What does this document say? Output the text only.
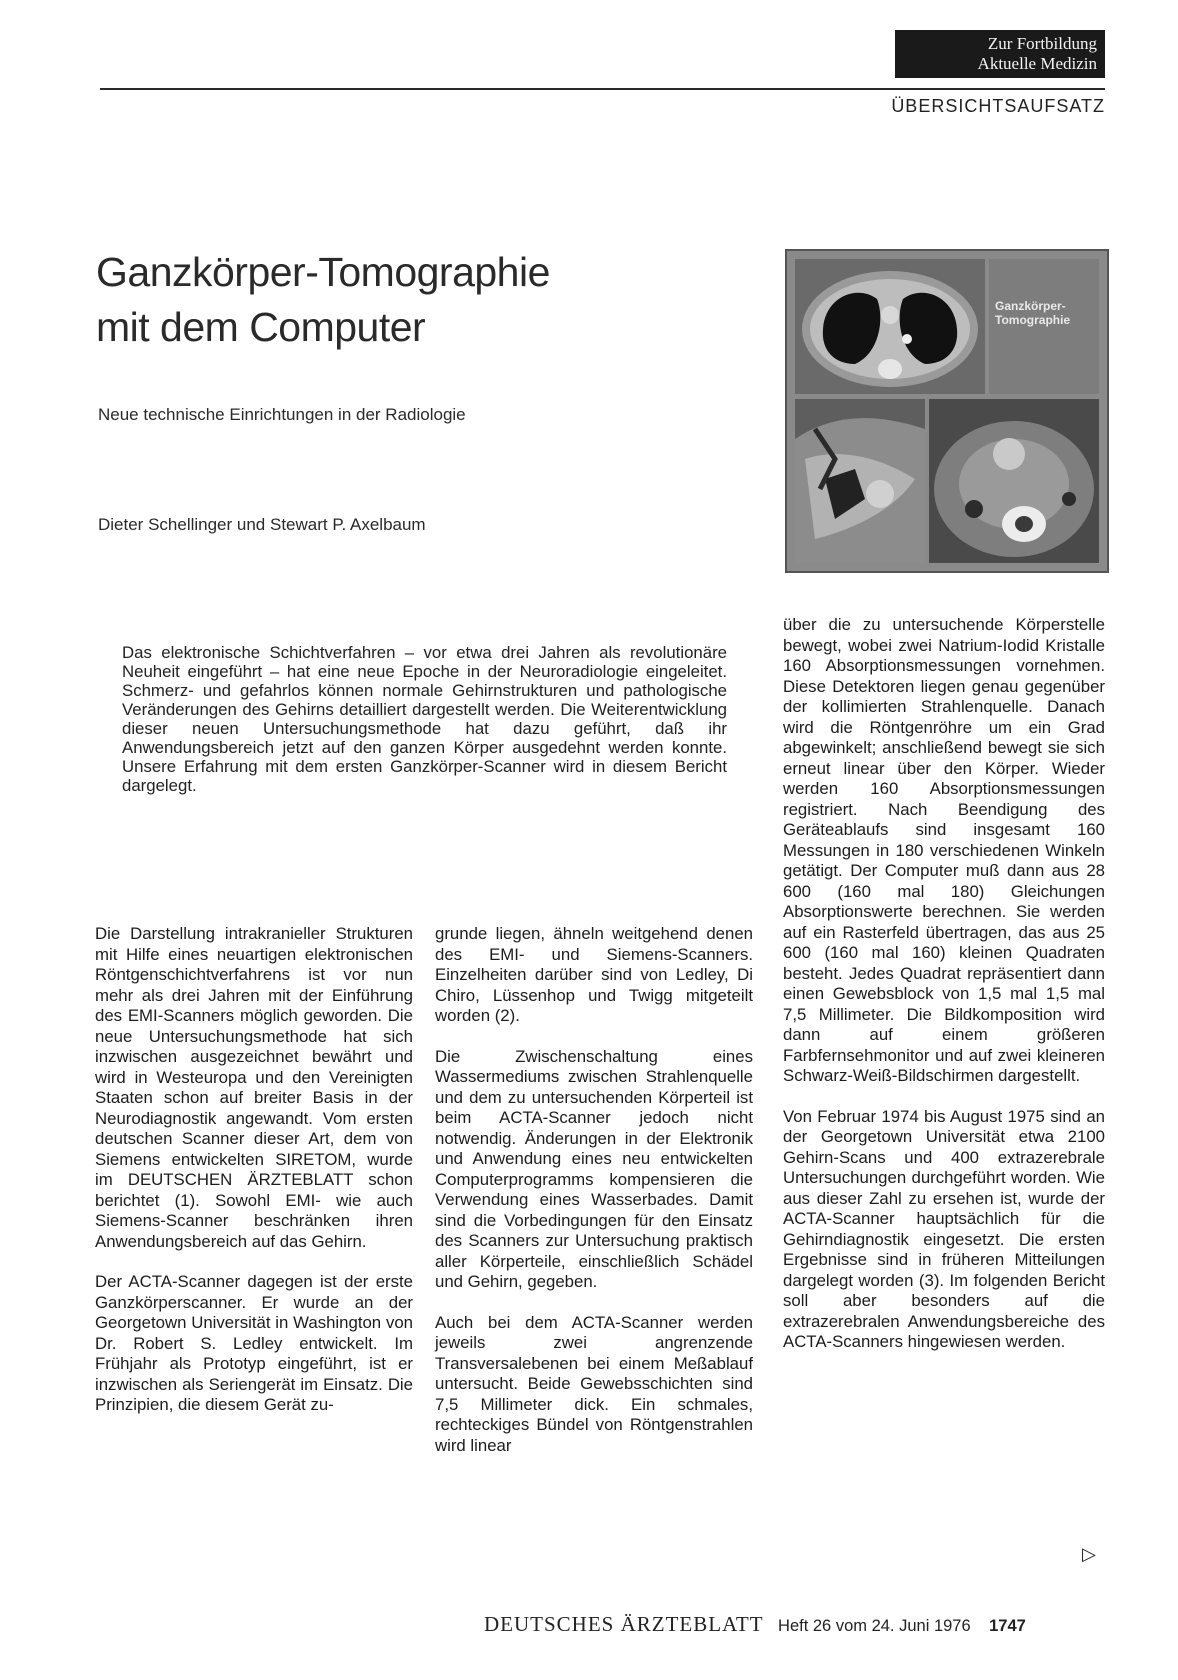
Zur Fortbildung
Aktuelle Medizin
ÜBERSICHTSAUFSATZ
Ganzkörper-Tomographie
mit dem Computer
Neue technische Einrichtungen in der Radiologie
Dieter Schellinger und Stewart P. Axelbaum
Ganzkörper-
Tomographie
Das elektronische Schichtverfahren – vor etwa drei Jahren als revolutionäre Neuheit eingeführt – hat eine neue Epoche in der Neuroradiologie eingeleitet. Schmerz- und gefahrlos können normale Gehirnstrukturen und pathologische Veränderungen des Gehirns detailliert dargestellt werden. Die Weiterentwicklung dieser neuen Untersuchungsmethode hat dazu geführt, daß ihr Anwendungsbereich jetzt auf den ganzen Körper ausgedehnt werden konnte. Unsere Erfahrung mit dem ersten Ganzkörper-Scanner wird in diesem Bericht dargelegt.

Die Darstellung intrakranieller Strukturen mit Hilfe eines neuartigen elektronischen Röntgenschichtverfahrens ist vor nun mehr als drei Jahren mit der Einführung des EMI-Scanners möglich geworden. Die neue Untersuchungsmethode hat sich inzwischen ausgezeichnet bewährt und wird in Westeuropa und den Vereinigten Staaten schon auf breiter Basis in der Neurodiagnostik angewandt. Vom ersten deutschen Scanner dieser Art, dem von Siemens entwickelten SIRETOM, wurde im DEUTSCHEN ÄRZTEBLATT schon berichtet (1). Sowohl EMI- wie auch Siemens-Scanner beschränken ihren Anwendungsbereich auf das Gehirn.

Der ACTA-Scanner dagegen ist der erste Ganzkörperscanner. Er wurde an der Georgetown Universität in Washington von Dr. Robert S. Ledley entwickelt. Im Frühjahr als Prototyp eingeführt, ist er inzwischen als Seriengerät im Einsatz. Die Prinzipien, die diesem Gerät zu-

grunde liegen, ähneln weitgehend denen des EMI- und Siemens-Scanners. Einzelheiten darüber sind von Ledley, Di Chiro, Lüssenhop und Twigg mitgeteilt worden (2).

Die Zwischenschaltung eines Wassermediums zwischen Strahlenquelle und dem zu untersuchenden Körperteil ist beim ACTA-Scanner jedoch nicht notwendig. Änderungen in der Elektronik und Anwendung eines neu entwickelten Computerprogramms kompensieren die Verwendung eines Wasserbades. Damit sind die Vorbedingungen für den Einsatz des Scanners zur Untersuchung praktisch aller Körperteile, einschließlich Schädel und Gehirn, gegeben.

Auch bei dem ACTA-Scanner werden jeweils zwei angrenzende Transversalebenen bei einem Meßablauf untersucht. Beide Gewebsschichten sind 7,5 Millimeter dick. Ein schmales, rechteckiges Bündel von Röntgenstrahlen wird linear

über die zu untersuchende Körperstelle bewegt, wobei zwei Natrium-Iodid Kristalle 160 Absorptionsmessungen vornehmen. Diese Detektoren liegen genau gegenüber der kollimierten Strahlenquelle. Danach wird die Röntgenröhre um ein Grad abgewinkelt; anschließend bewegt sie sich erneut linear über den Körper. Wieder werden 160 Absorptionsmessungen registriert. Nach Beendigung des Geräteablaufs sind insgesamt 160 Messungen in 180 verschiedenen Winkeln getätigt. Der Computer muß dann aus 28 600 (160 mal 180) Gleichungen Absorptionswerte berechnen. Sie werden auf ein Rasterfeld übertragen, das aus 25 600 (160 mal 160) kleinen Quadraten besteht. Jedes Quadrat repräsentiert dann einen Gewebsblock von 1,5 mal 1,5 mal 7,5 Millimeter. Die Bildkomposition wird dann auf einem größeren Farbfernsehmonitor und auf zwei kleineren Schwarz-Weiß-Bildschirmen dargestellt.

Von Februar 1974 bis August 1975 sind an der Georgetown Universität etwa 2100 Gehirn-Scans und 400 extrazerebrale Untersuchungen durchgeführt worden. Wie aus dieser Zahl zu ersehen ist, wurde der ACTA-Scanner hauptsächlich für die Gehirndiagnostik eingesetzt. Die ersten Ergebnisse sind in früheren Mitteilungen dargelegt worden (3). Im folgenden Bericht soll aber besonders auf die extrazerebralen Anwendungsbereiche des ACTA-Scanners hingewiesen werden.

▷
DEUTSCHES ÄRZTEBLATT Heft 26 vom 24. Juni 1976 1747
